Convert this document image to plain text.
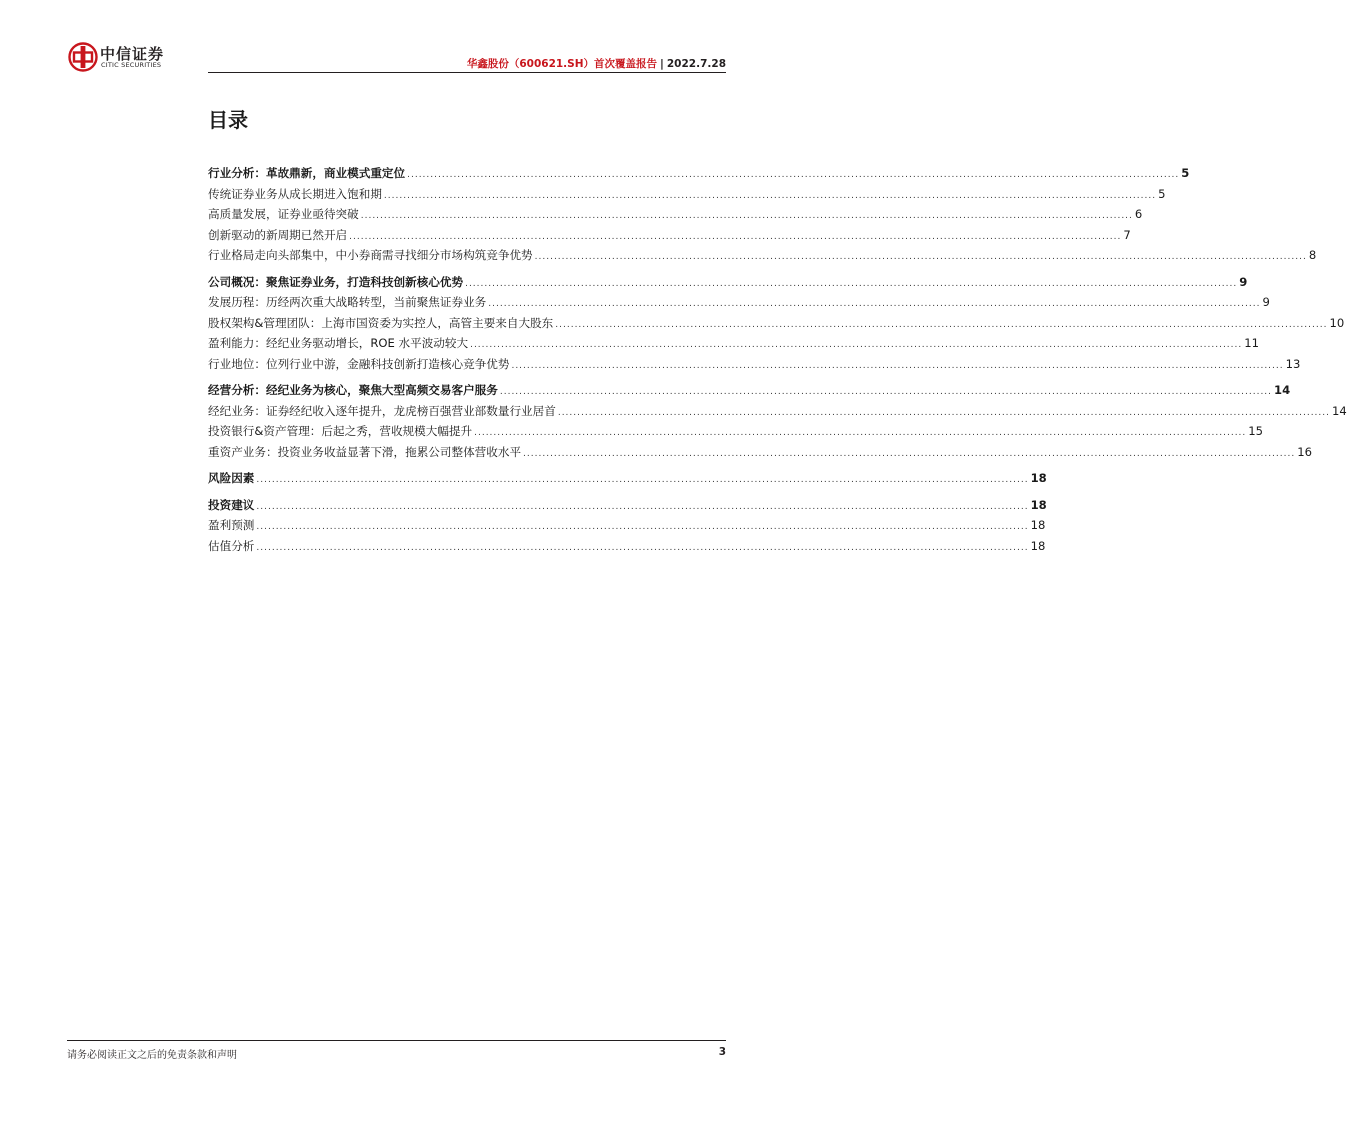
中信证券
CITIC SECURITIES	华鑫股份（600621.SH）首次覆盖报告 | 2022.7.28
目录
行业分析：革故鼎新，商业模式重定位 ........................................................................................................................................................................................................ 5
传统证券业务从成长期进入饱和期 ........................................................................................................................................................................................................ 5
高质量发展，证券业亟待突破 ........................................................................................................................................................................................................ 6
创新驱动的新周期已然开启 ........................................................................................................................................................................................................ 7
行业格局走向头部集中，中小券商需寻找细分市场构筑竞争优势 ........................................................................................................................................................................................................ 8
公司概况：聚焦证券业务，打造科技创新核心优势 ........................................................................................................................................................................................................ 9
发展历程：历经两次重大战略转型，当前聚焦证券业务 ........................................................................................................................................................................................................ 9
股权架构&管理团队：上海市国资委为实控人，高管主要来自大股东 ........................................................................................................................................................................................................ 10
盈利能力：经纪业务驱动增长，ROE 水平波动较大 ........................................................................................................................................................................................................ 11
行业地位：位列行业中游，金融科技创新打造核心竞争优势 ........................................................................................................................................................................................................ 13
经营分析：经纪业务为核心，聚焦大型高频交易客户服务 ........................................................................................................................................................................................................ 14
经纪业务：证券经纪收入逐年提升，龙虎榜百强营业部数量行业居首 ........................................................................................................................................................................................................ 14
投资银行&资产管理：后起之秀，营收规模大幅提升 ........................................................................................................................................................................................................ 15
重资产业务：投资业务收益显著下滑，拖累公司整体营收水平 ........................................................................................................................................................................................................ 16
风险因素 ........................................................................................................................................................................................................ 18
投资建议 ........................................................................................................................................................................................................ 18
盈利预测 ........................................................................................................................................................................................................ 18
估值分析 ........................................................................................................................................................................................................ 18
请务必阅读正文之后的免责条款和声明	3
